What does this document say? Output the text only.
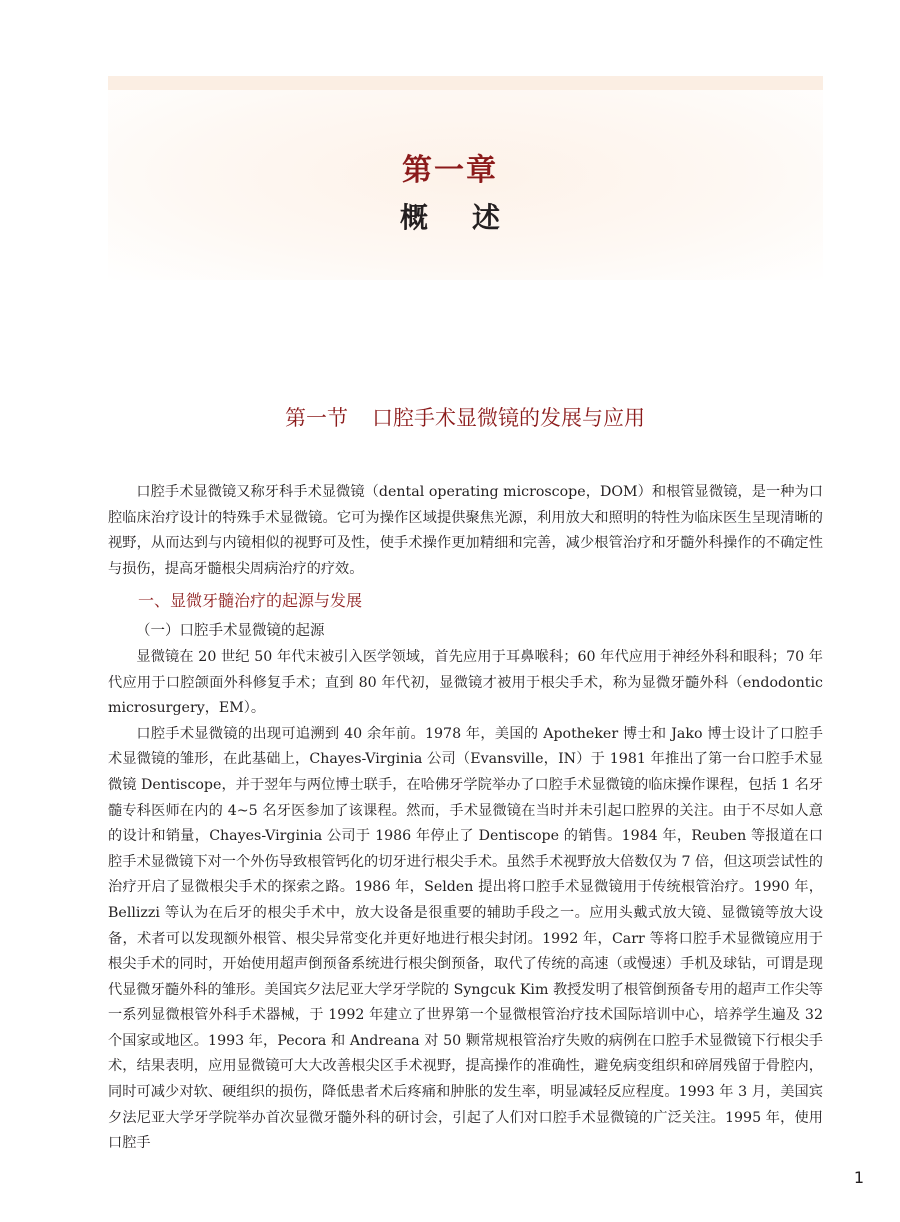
第一章
概述
第一节 口腔手术显微镜的发展与应用

口腔手术显微镜又称牙科手术显微镜（dental operating microscope，DOM）和根管显微镜，是一种为口腔临床治疗设计的特殊手术显微镜。它可为操作区域提供聚焦光源，利用放大和照明的特性为临床医生呈现清晰的视野，从而达到与内镜相似的视野可及性，使手术操作更加精细和完善，减少根管治疗和牙髓外科操作的不确定性与损伤，提高牙髓根尖周病治疗的疗效。

一、显微牙髓治疗的起源与发展
（一）口腔手术显微镜的起源

显微镜在 20 世纪 50 年代末被引入医学领域，首先应用于耳鼻喉科；60 年代应用于神经外科和眼科；70 年代应用于口腔颌面外科修复手术；直到 80 年代初，显微镜才被用于根尖手术，称为显微牙髓外科（endodontic microsurgery，EM）。

口腔手术显微镜的出现可追溯到 40 余年前。1978 年，美国的 Apotheker 博士和 Jako 博士设计了口腔手术显微镜的雏形，在此基础上，Chayes-Virginia 公司（Evansville，IN）于 1981 年推出了第一台口腔手术显微镜 Dentiscope，并于翌年与两位博士联手，在哈佛牙学院举办了口腔手术显微镜的临床操作课程，包括 1 名牙髓专科医师在内的 4~5 名牙医参加了该课程。然而，手术显微镜在当时并未引起口腔界的关注。由于不尽如人意的设计和销量，Chayes-Virginia 公司于 1986 年停止了 Dentiscope 的销售。1984 年，Reuben 等报道在口腔手术显微镜下对一个外伤导致根管钙化的切牙进行根尖手术。虽然手术视野放大倍数仅为 7 倍，但这项尝试性的治疗开启了显微根尖手术的探索之路。1986 年，Selden 提出将口腔手术显微镜用于传统根管治疗。1990 年，Bellizzi 等认为在后牙的根尖手术中，放大设备是很重要的辅助手段之一。应用头戴式放大镜、显微镜等放大设备，术者可以发现额外根管、根尖异常变化并更好地进行根尖封闭。1992 年，Carr 等将口腔手术显微镜应用于根尖手术的同时，开始使用超声倒预备系统进行根尖倒预备，取代了传统的高速（或慢速）手机及球钻，可谓是现代显微牙髓外科的雏形。美国宾夕法尼亚大学牙学院的 Syngcuk Kim 教授发明了根管倒预备专用的超声工作尖等一系列显微根管外科手术器械，于 1992 年建立了世界第一个显微根管治疗技术国际培训中心，培养学生遍及 32 个国家或地区。1993 年，Pecora 和 Andreana 对 50 颗常规根管治疗失败的病例在口腔手术显微镜下行根尖手术，结果表明，应用显微镜可大大改善根尖区手术视野，提高操作的准确性，避免病变组织和碎屑残留于骨腔内，同时可减少对软、硬组织的损伤，降低患者术后疼痛和肿胀的发生率，明显减轻反应程度。1993 年 3 月，美国宾夕法尼亚大学牙学院举办首次显微牙髓外科的研讨会，引起了人们对口腔手术显微镜的广泛关注。1995 年，使用口腔手

1
